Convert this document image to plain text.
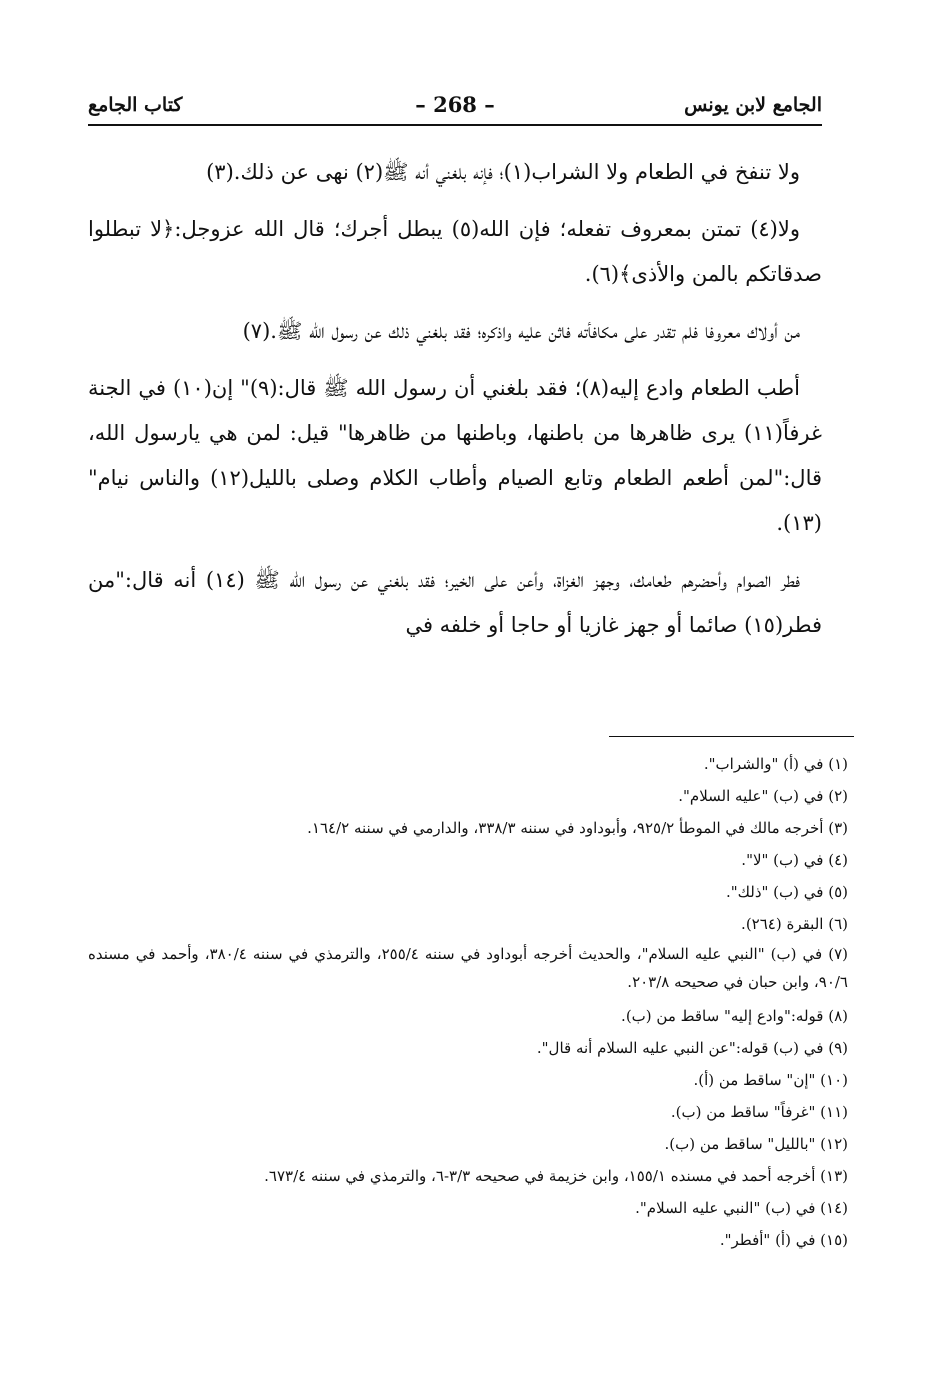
الجامع لابن يونس
– 268 –
كتاب الجامع

ولا تنفخ في الطعام ولا الشراب(١)؛ فإنه بلغني أنه ﷺ(٢) نهى عن ذلك.(٣)

ولا(٤) تمتن بمعروف تفعله؛ فإن الله(٥) يبطل أجرك؛ قال الله عزوجل:﴿لا تبطلوا صدقاتكم بالمن والأذى﴾(٦).

من أولاك معروفا فلم تقدر على مكافأته فاثن عليه واذكره؛ فقد بلغني ذلك عن رسول الله ﷺ.(٧)

أطب الطعام وادع إليه(٨)؛ فقد بلغني أن رسول الله ﷺ قال:(٩)" إن(١٠) في الجنة غرفاً(١١) يرى ظاهرها من باطنها، وباطنها من ظاهرها" قيل: لمن هي يارسول الله، قال:"لمن أطعم الطعام وتابع الصيام وأطاب الكلام وصلى بالليل(١٢) والناس نيام"(١٣).

فطر الصوام وأحضرهم طعامك، وجهز الغزاة، وأعن على الخير؛ فقد بلغني عن رسول الله ﷺ (١٤) أنه قال:"من فطر(١٥) صائما أو جهز غازيا أو حاجا أو خلفه في

(١) في (أ) "والشراب".
(٢) في (ب) "عليه السلام".
(٣) أخرجه مالك في الموطأ ٩٢٥/٢، وأبوداود في سننه ٣٣٨/٣، والدارمي في سننه ١٦٤/٢.
(٤) في (ب) "لا".
(٥) في (ب) "ذلك".
(٦) البقرة (٢٦٤).
(٧) في (ب) "النبي عليه السلام"، والحديث أخرجه أبوداود في سننه ٢٥٥/٤، والترمذي في سننه ٣٨٠/٤، وأحمد في مسنده ٩٠/٦، وابن حبان في صحيحه ٢٠٣/٨.
(٨) قوله:"وادع إليه" ساقط من (ب).
(٩) في (ب) قوله:"عن النبي عليه السلام أنه قال".
(١٠) "إن" ساقط من (أ).
(١١) "غرفاً" ساقط من (ب).
(١٢) "بالليل" ساقط من (ب).
(١٣) أخرجه أحمد في مسنده ١٥٥/١، وابن خزيمة في صحيحه ٣/٣-٦، والترمذي في سننه ٦٧٣/٤.
(١٤) في (ب) "النبي عليه السلام".
(١٥) في (أ) "أفطر".
